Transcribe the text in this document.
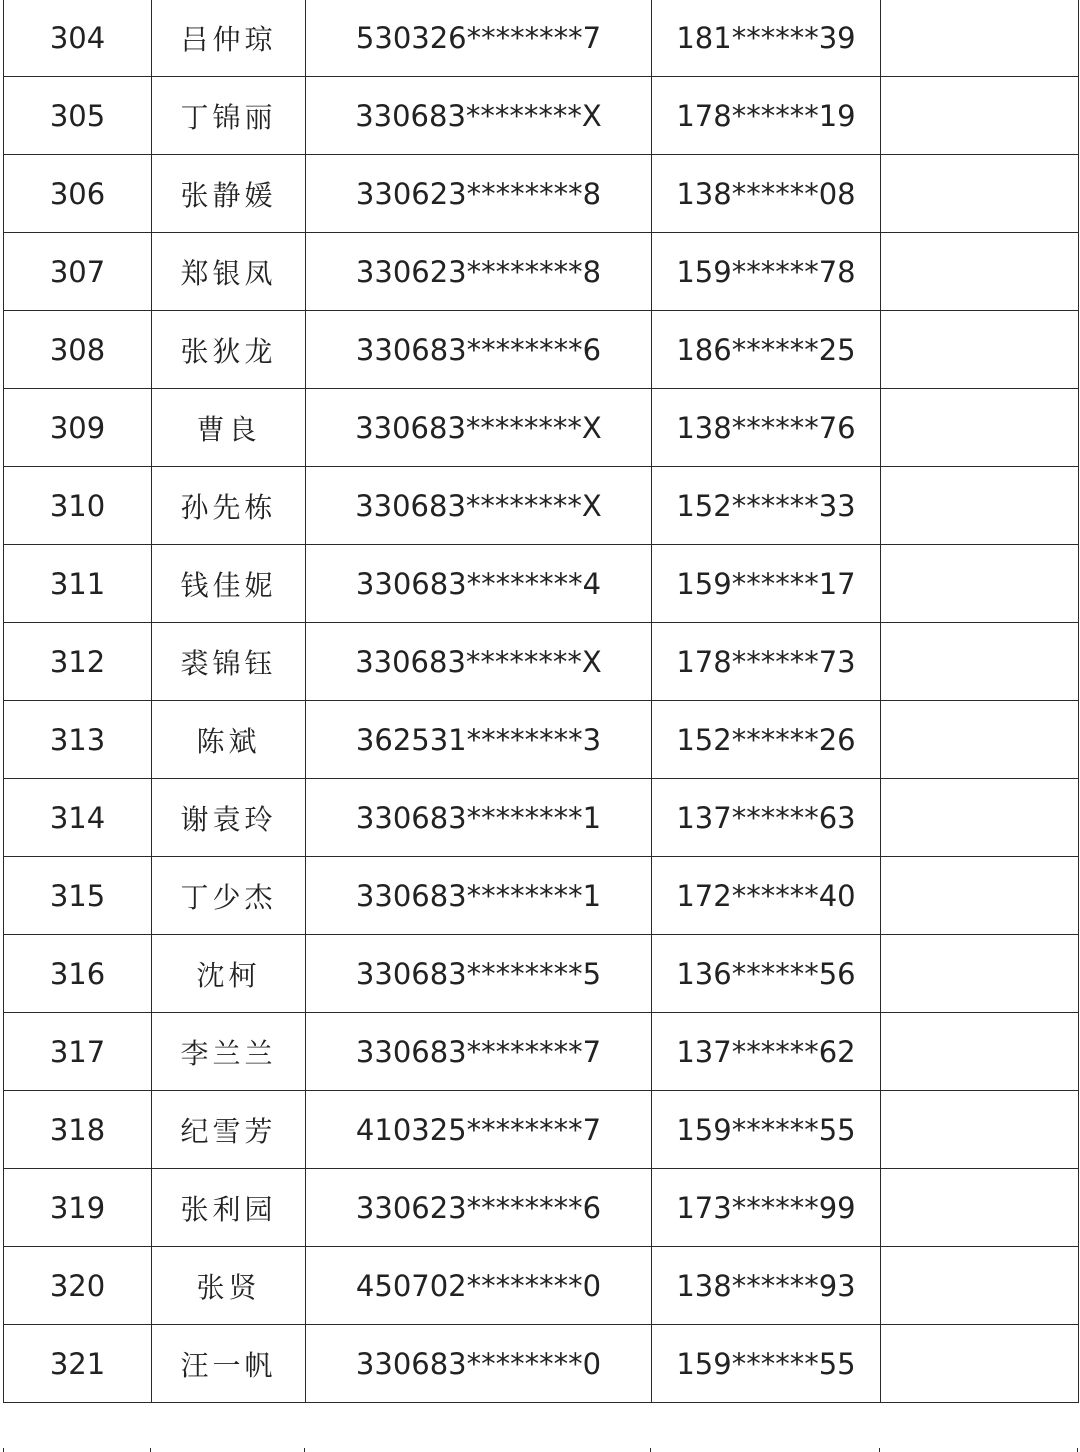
304	吕仲琼	530326********7	181******39	
305	丁锦丽	330683********X	178******19	
306	张静媛	330623********8	138******08	
307	郑银凤	330623********8	159******78	
308	张狄龙	330683********6	186******25	
309	曹良	330683********X	138******76	
310	孙先栋	330683********X	152******33	
311	钱佳妮	330683********4	159******17	
312	裘锦钰	330683********X	178******73	
313	陈斌	362531********3	152******26	
314	谢袁玲	330683********1	137******63	
315	丁少杰	330683********1	172******40	
316	沈柯	330683********5	136******56	
317	李兰兰	330683********7	137******62	
318	纪雪芳	410325********7	159******55	
319	张利园	330623********6	173******99	
320	张贤	450702********0	138******93	
321	汪一帆	330683********0	159******55	
